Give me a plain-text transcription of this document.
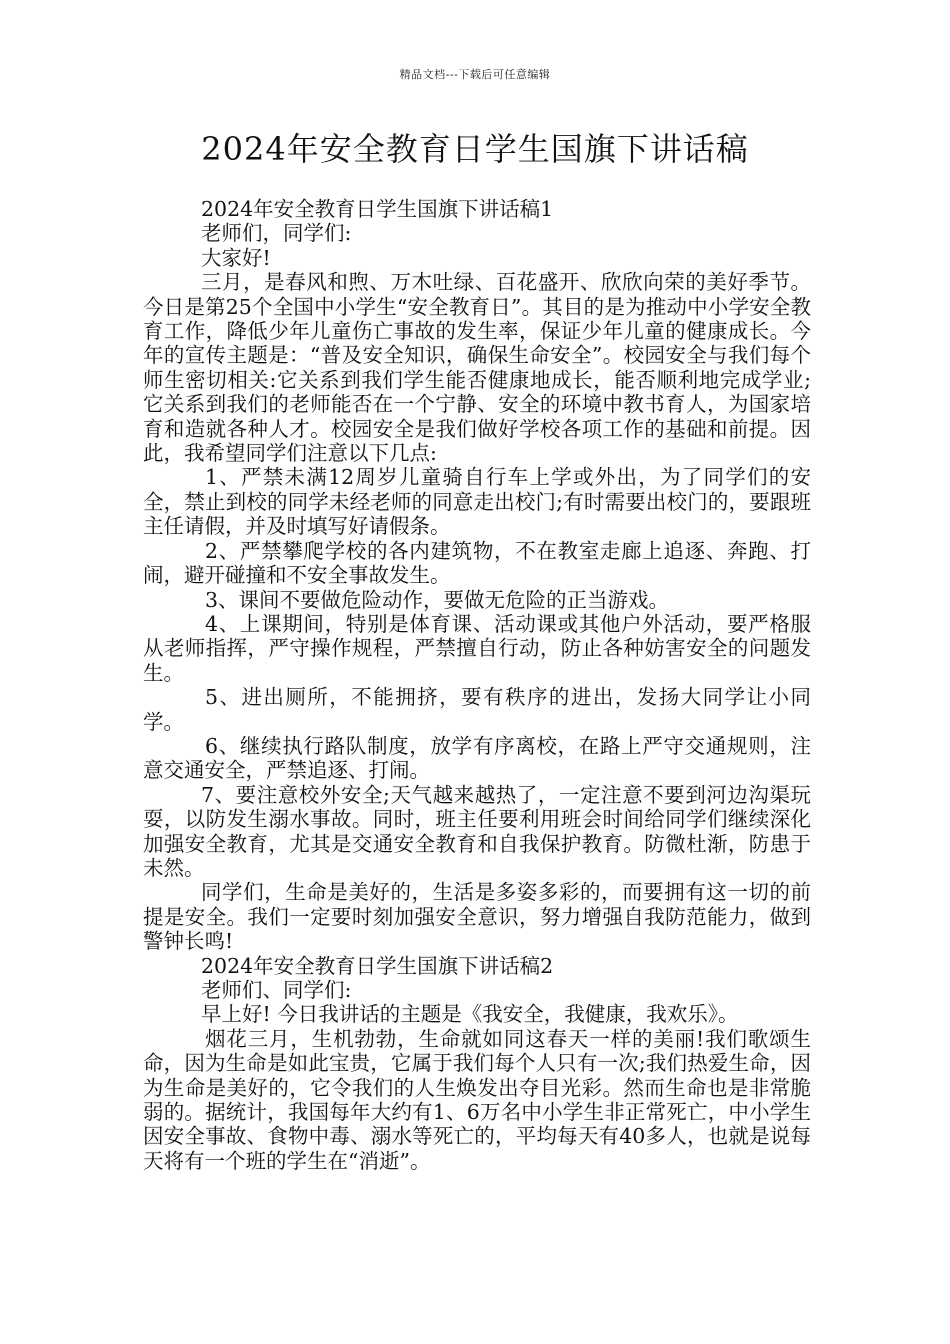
精品文档---下载后可任意编辑
2024年安全教育日学生国旗下讲话稿

2024年安全教育日学生国旗下讲话稿1

老师们，同学们:

大家好!

三月，是春风和煦、万木吐绿、百花盛开、欣欣向荣的美好季节。今日是第25个全国中小学生“安全教育日”。其目的是为推动中小学安全教育工作，降低少年儿童伤亡事故的发生率，保证少年儿童的健康成长。今年的宣传主题是：“普及安全知识，确保生命安全”。校园安全与我们每个师生密切相关:它关系到我们学生能否健康地成长，能否顺利地完成学业;它关系到我们的老师能否在一个宁静、安全的环境中教书育人，为国家培育和造就各种人才。校园安全是我们做好学校各项工作的基础和前提。因此，我希望同学们注意以下几点:

1、严禁未满12周岁儿童骑自行车上学或外出，为了同学们的安全，禁止到校的同学未经老师的同意走出校门;有时需要出校门的，要跟班主任请假，并及时填写好请假条。

2、严禁攀爬学校的各内建筑物，不在教室走廊上追逐、奔跑、打闹，避开碰撞和不安全事故发生。

3、课间不要做危险动作，要做无危险的正当游戏。

4、上课期间，特别是体育课、活动课或其他户外活动，要严格服从老师指挥，严守操作规程，严禁擅自行动，防止各种妨害安全的问题发生。

5、进出厕所，不能拥挤，要有秩序的进出，发扬大同学让小同学。

6、继续执行路队制度，放学有序离校，在路上严守交通规则，注意交通安全，严禁追逐、打闹。

7、要注意校外安全;天气越来越热了，一定注意不要到河边沟渠玩耍，以防发生溺水事故。同时，班主任要利用班会时间给同学们继续深化加强安全教育，尤其是交通安全教育和自我保护教育。防微杜渐，防患于未然。

同学们，生命是美好的，生活是多姿多彩的，而要拥有这一切的前提是安全。我们一定要时刻加强安全意识，努力增强自我防范能力，做到警钟长鸣!

2024年安全教育日学生国旗下讲话稿2

老师们、同学们:

早上好! 今日我讲话的主题是《我安全，我健康，我欢乐》。

烟花三月，生机勃勃，生命就如同这春天一样的美丽!我们歌颂生命，因为生命是如此宝贵，它属于我们每个人只有一次;我们热爱生命，因为生命是美好的，它令我们的人生焕发出夺目光彩。然而生命也是非常脆弱的。据统计，我国每年大约有1、6万名中小学生非正常死亡，中小学生因安全事故、食物中毒、溺水等死亡的，平均每天有40多人，也就是说每天将有一个班的学生在“消逝”。
